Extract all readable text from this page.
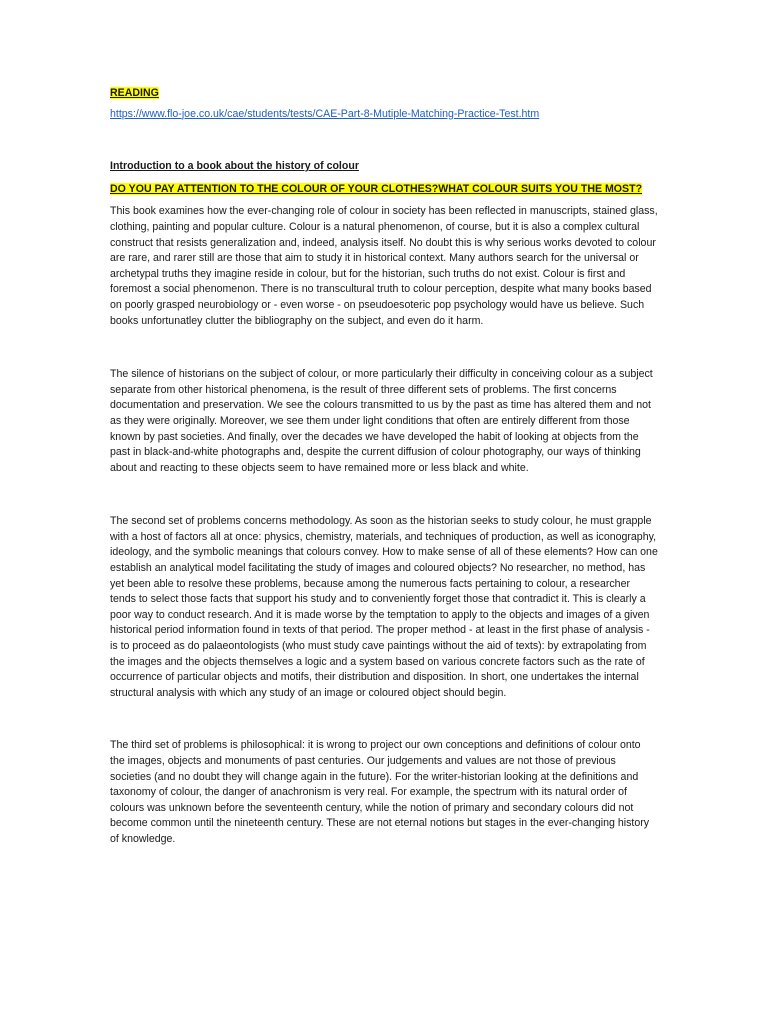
READING
https://www.flo-joe.co.uk/cae/students/tests/CAE-Part-8-Mutiple-Matching-Practice-Test.htm
Introduction to a book about the history of colour
DO YOU PAY ATTENTION TO THE COLOUR OF YOUR CLOTHES?WHAT COLOUR SUITS YOU THE MOST?

This book examines how the ever-changing role of colour in society has been reflected in manuscripts, stained glass, clothing, painting and popular culture. Colour is a natural phenomenon, of course, but it is also a complex cultural construct that resists generalization and, indeed, analysis itself. No doubt this is why serious works devoted to colour are rare, and rarer still are those that aim to study it in historical context. Many authors search for the universal or archetypal truths they imagine reside in colour, but for the historian, such truths do not exist. Colour is first and foremost a social phenomenon. There is no transcultural truth to colour perception, despite what many books based on poorly grasped neurobiology or - even worse - on pseudoesoteric pop psychology would have us believe. Such books unfortunatley clutter the bibliography on the subject, and even do it harm.

The silence of historians on the subject of colour, or more particularly their difficulty in conceiving colour as a subject separate from other historical phenomena, is the result of three different sets of problems. The first concerns documentation and preservation. We see the colours transmitted to us by the past as time has altered them and not as they were originally. Moreover, we see them under light conditions that often are entirely different from those known by past societies. And finally, over the decades we have developed the habit of looking at objects from the past in black-and-white photographs and, despite the current diffusion of colour photography, our ways of thinking about and reacting to these objects seem to have remained more or less black and white.

The second set of problems concerns methodology. As soon as the historian seeks to study colour, he must grapple with a host of factors all at once: physics, chemistry, materials, and techniques of production, as well as iconography, ideology, and the symbolic meanings that colours convey. How to make sense of all of these elements? How can one establish an analytical model facilitating the study of images and coloured objects? No researcher, no method, has yet been able to resolve these problems, because among the numerous facts pertaining to colour, a researcher tends to select those facts that support his study and to conveniently forget those that contradict it. This is clearly a poor way to conduct research. And it is made worse by the temptation to apply to the objects and images of a given historical period information found in texts of that period. The proper method - at least in the first phase of analysis - is to proceed as do palaeontologists (who must study cave paintings without the aid of texts): by extrapolating from the images and the objects themselves a logic and a system based on various concrete factors such as the rate of occurrence of particular objects and motifs, their distribution and disposition. In short, one undertakes the internal structural analysis with which any study of an image or coloured object should begin.

The third set of problems is philosophical: it is wrong to project our own conceptions and definitions of colour onto the images, objects and monuments of past centuries. Our judgements and values are not those of previous societies (and no doubt they will change again in the future). For the writer-historian looking at the definitions and taxonomy of colour, the danger of anachronism is very real. For example, the spectrum with its natural order of colours was unknown before the seventeenth century, while the notion of primary and secondary colours did not become common until the nineteenth century. These are not eternal notions but stages in the ever-changing history of knowledge.
